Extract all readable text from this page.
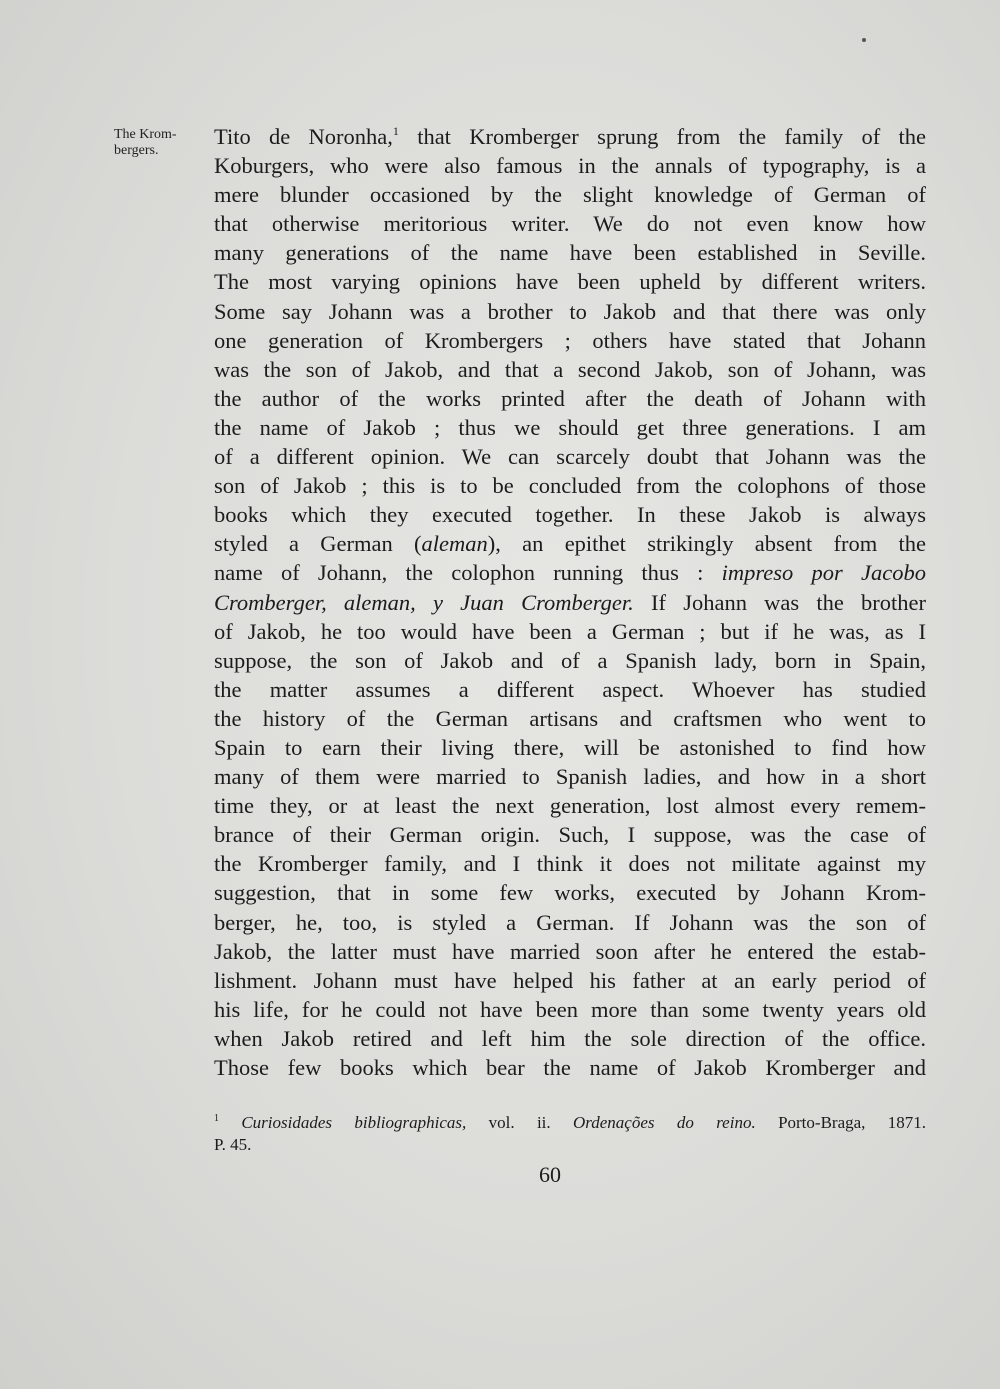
The Krom-
bergers.
Tito de Noronha,$^1$ that Kromberger sprung from the family of the
Koburgers, who were also famous in the annals of typography, is a
mere blunder occasioned by the slight knowledge of German of
that otherwise meritorious writer. We do not even know how
many generations of the name have been established in Seville.
The most varying opinions have been upheld by different writers.
Some say Johann was a brother to Jakob and that there was only
one generation of Krombergers ; others have stated that Johann
was the son of Jakob, and that a second Jakob, son of Johann, was
the author of the works printed after the death of Johann with
the name of Jakob ; thus we should get three generations. I am
of a different opinion. We can scarcely doubt that Johann was the
son of Jakob ; this is to be concluded from the colophons of those
books which they executed together. In these Jakob is always
styled a German (aleman), an epithet strikingly absent from the
name of Johann, the colophon running thus : impreso por Jacobo
Cromberger, aleman, y Juan Cromberger. If Johann was the brother
of Jakob, he too would have been a German ; but if he was, as I
suppose, the son of Jakob and of a Spanish lady, born in Spain,
the matter assumes a different aspect. Whoever has studied
the history of the German artisans and craftsmen who went to
Spain to earn their living there, will be astonished to find how
many of them were married to Spanish ladies, and how in a short
time they, or at least the next generation, lost almost every remem-
brance of their German origin. Such, I suppose, was the case of
the Kromberger family, and I think it does not militate against my
suggestion, that in some few works, executed by Johann Krom-
berger, he, too, is styled a German. If Johann was the son of
Jakob, the latter must have married soon after he entered the estab-
lishment. Johann must have helped his father at an early period of
his life, for he could not have been more than some twenty years old
when Jakob retired and left him the sole direction of the office.
Those few books which bear the name of Jakob Kromberger and
$^1$ Curiosidades bibliographicas, vol. ii. Ordenações do reino. Porto-Braga, 1871.
P. 45.
60
